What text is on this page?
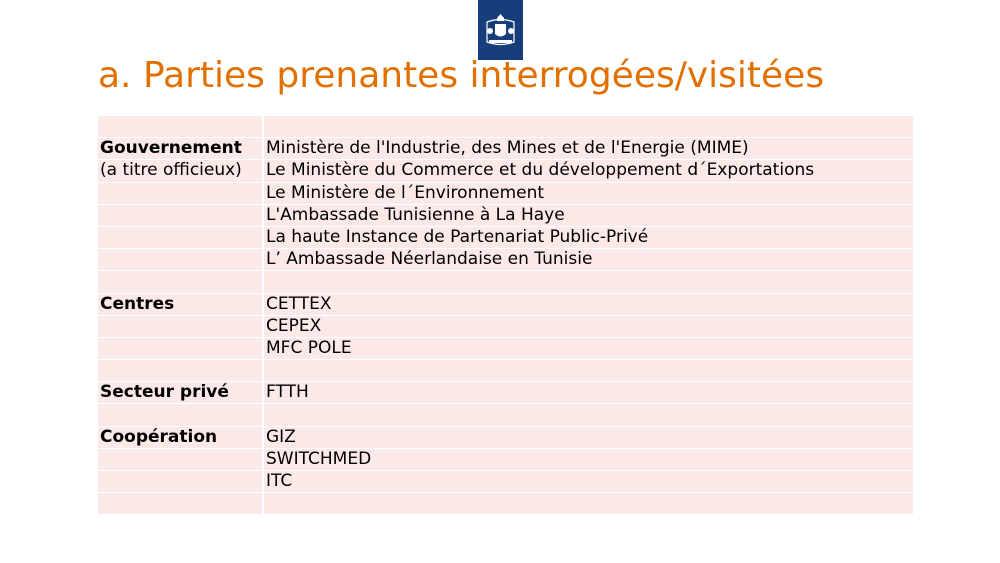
a. Parties prenantes interrogées/visitées

Gouvernement	Ministère de l'Industrie, des Mines et de l'Energie (MIME)
(a titre officieux)	Le Ministère du Commerce et du développement d´Exportations
	Le Ministère de l´Environnement
	L'Ambassade Tunisienne à La Haye
	La haute Instance de Partenariat Public-Privé
	L’ Ambassade Néerlandaise en Tunisie

Centres	CETTEX
	CEPEX
	MFC POLE

Secteur privé	FTTH

Coopération	GIZ
	SWITCHMED
	ITC
